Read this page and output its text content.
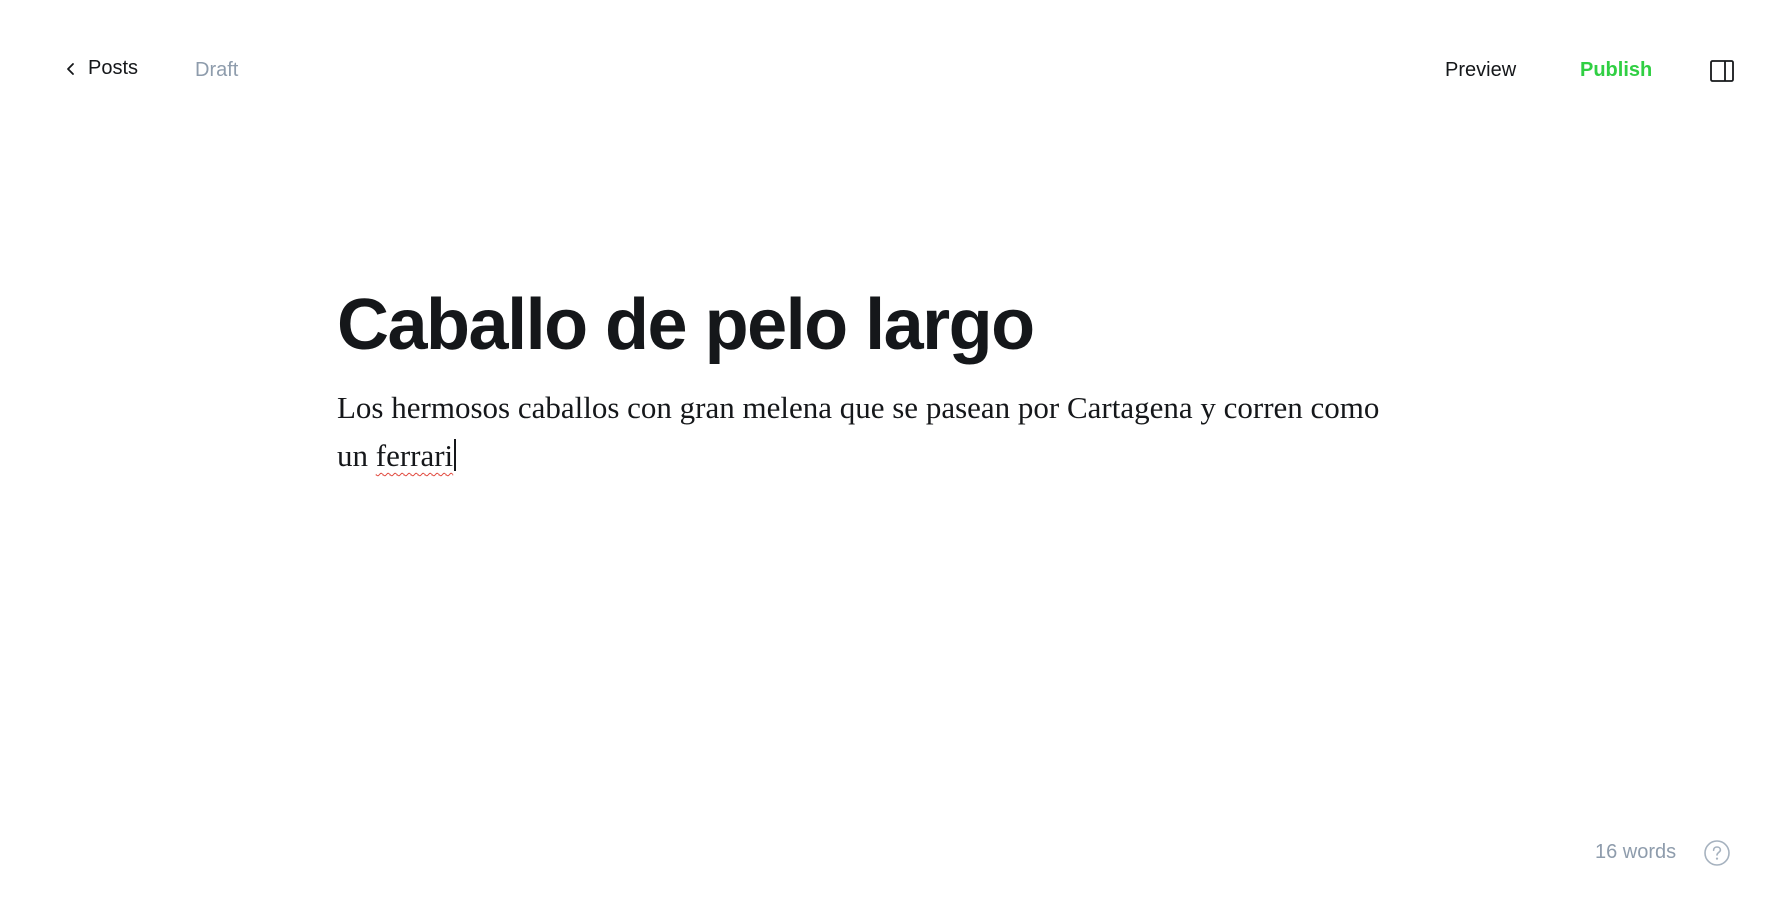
Posts	Draft	Preview	Publish
Caballo de pelo largo
Los hermosos caballos con gran melena que se pasean por Cartagena y corren como un ferrari
16 words
